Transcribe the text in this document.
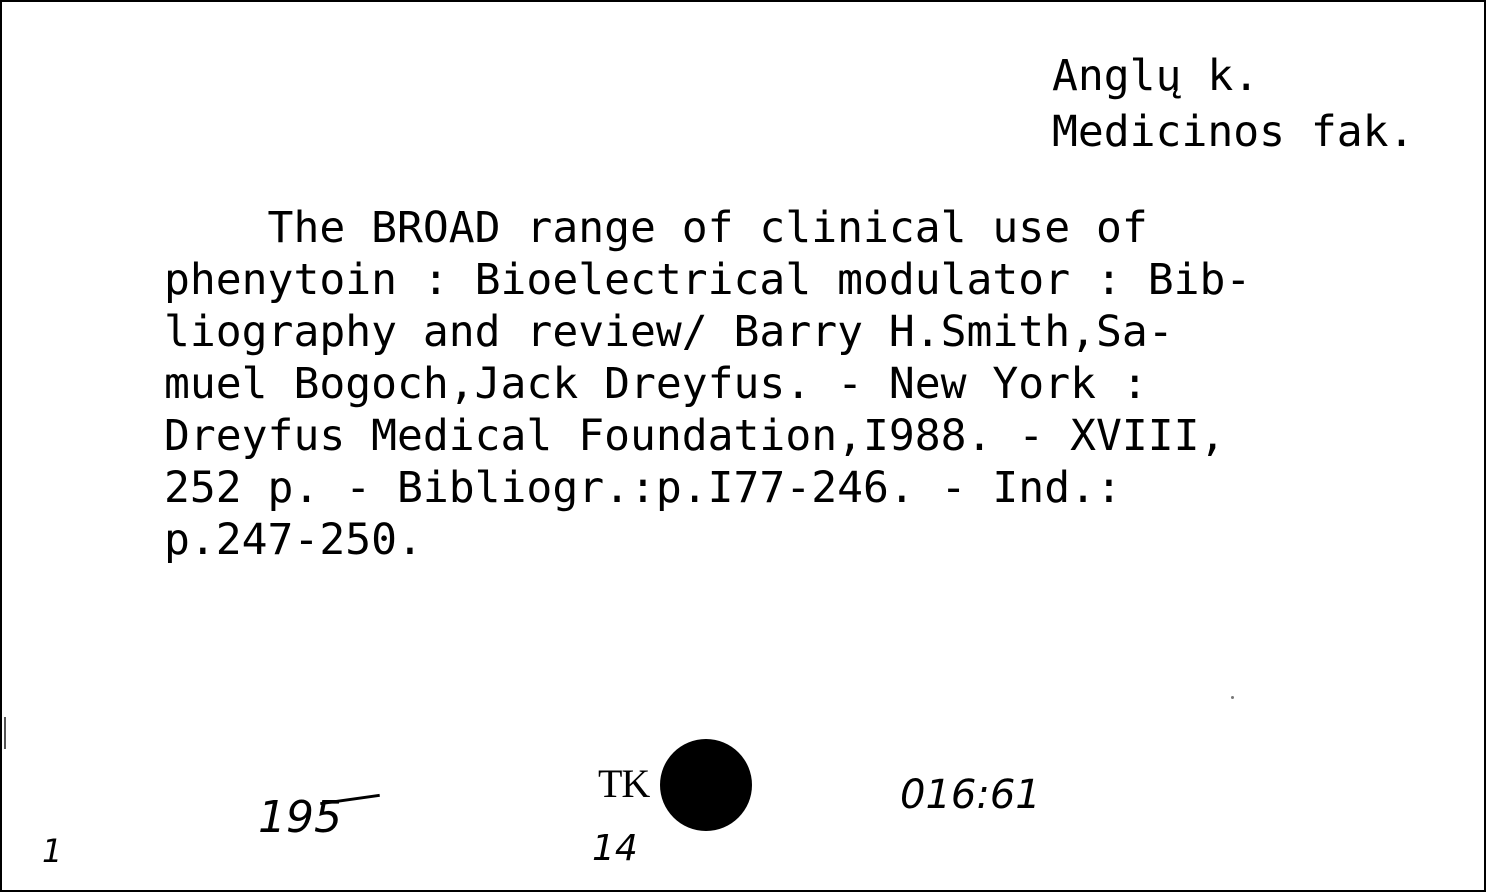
Anglų k.
Medicinos fak.
The BROAD range of clinical use of
phenytoin : Bioelectrical modulator : Bib-
liography and review/ Barry H.Smith,Sa-
muel Bogoch,Jack Dreyfus. - New York :
Dreyfus Medical Foundation,I988. - XVIII,
252 p. - Bibliogr.:p.I77-246. - Ind.:
p.247-250.
1
195
TK
14
016:61
